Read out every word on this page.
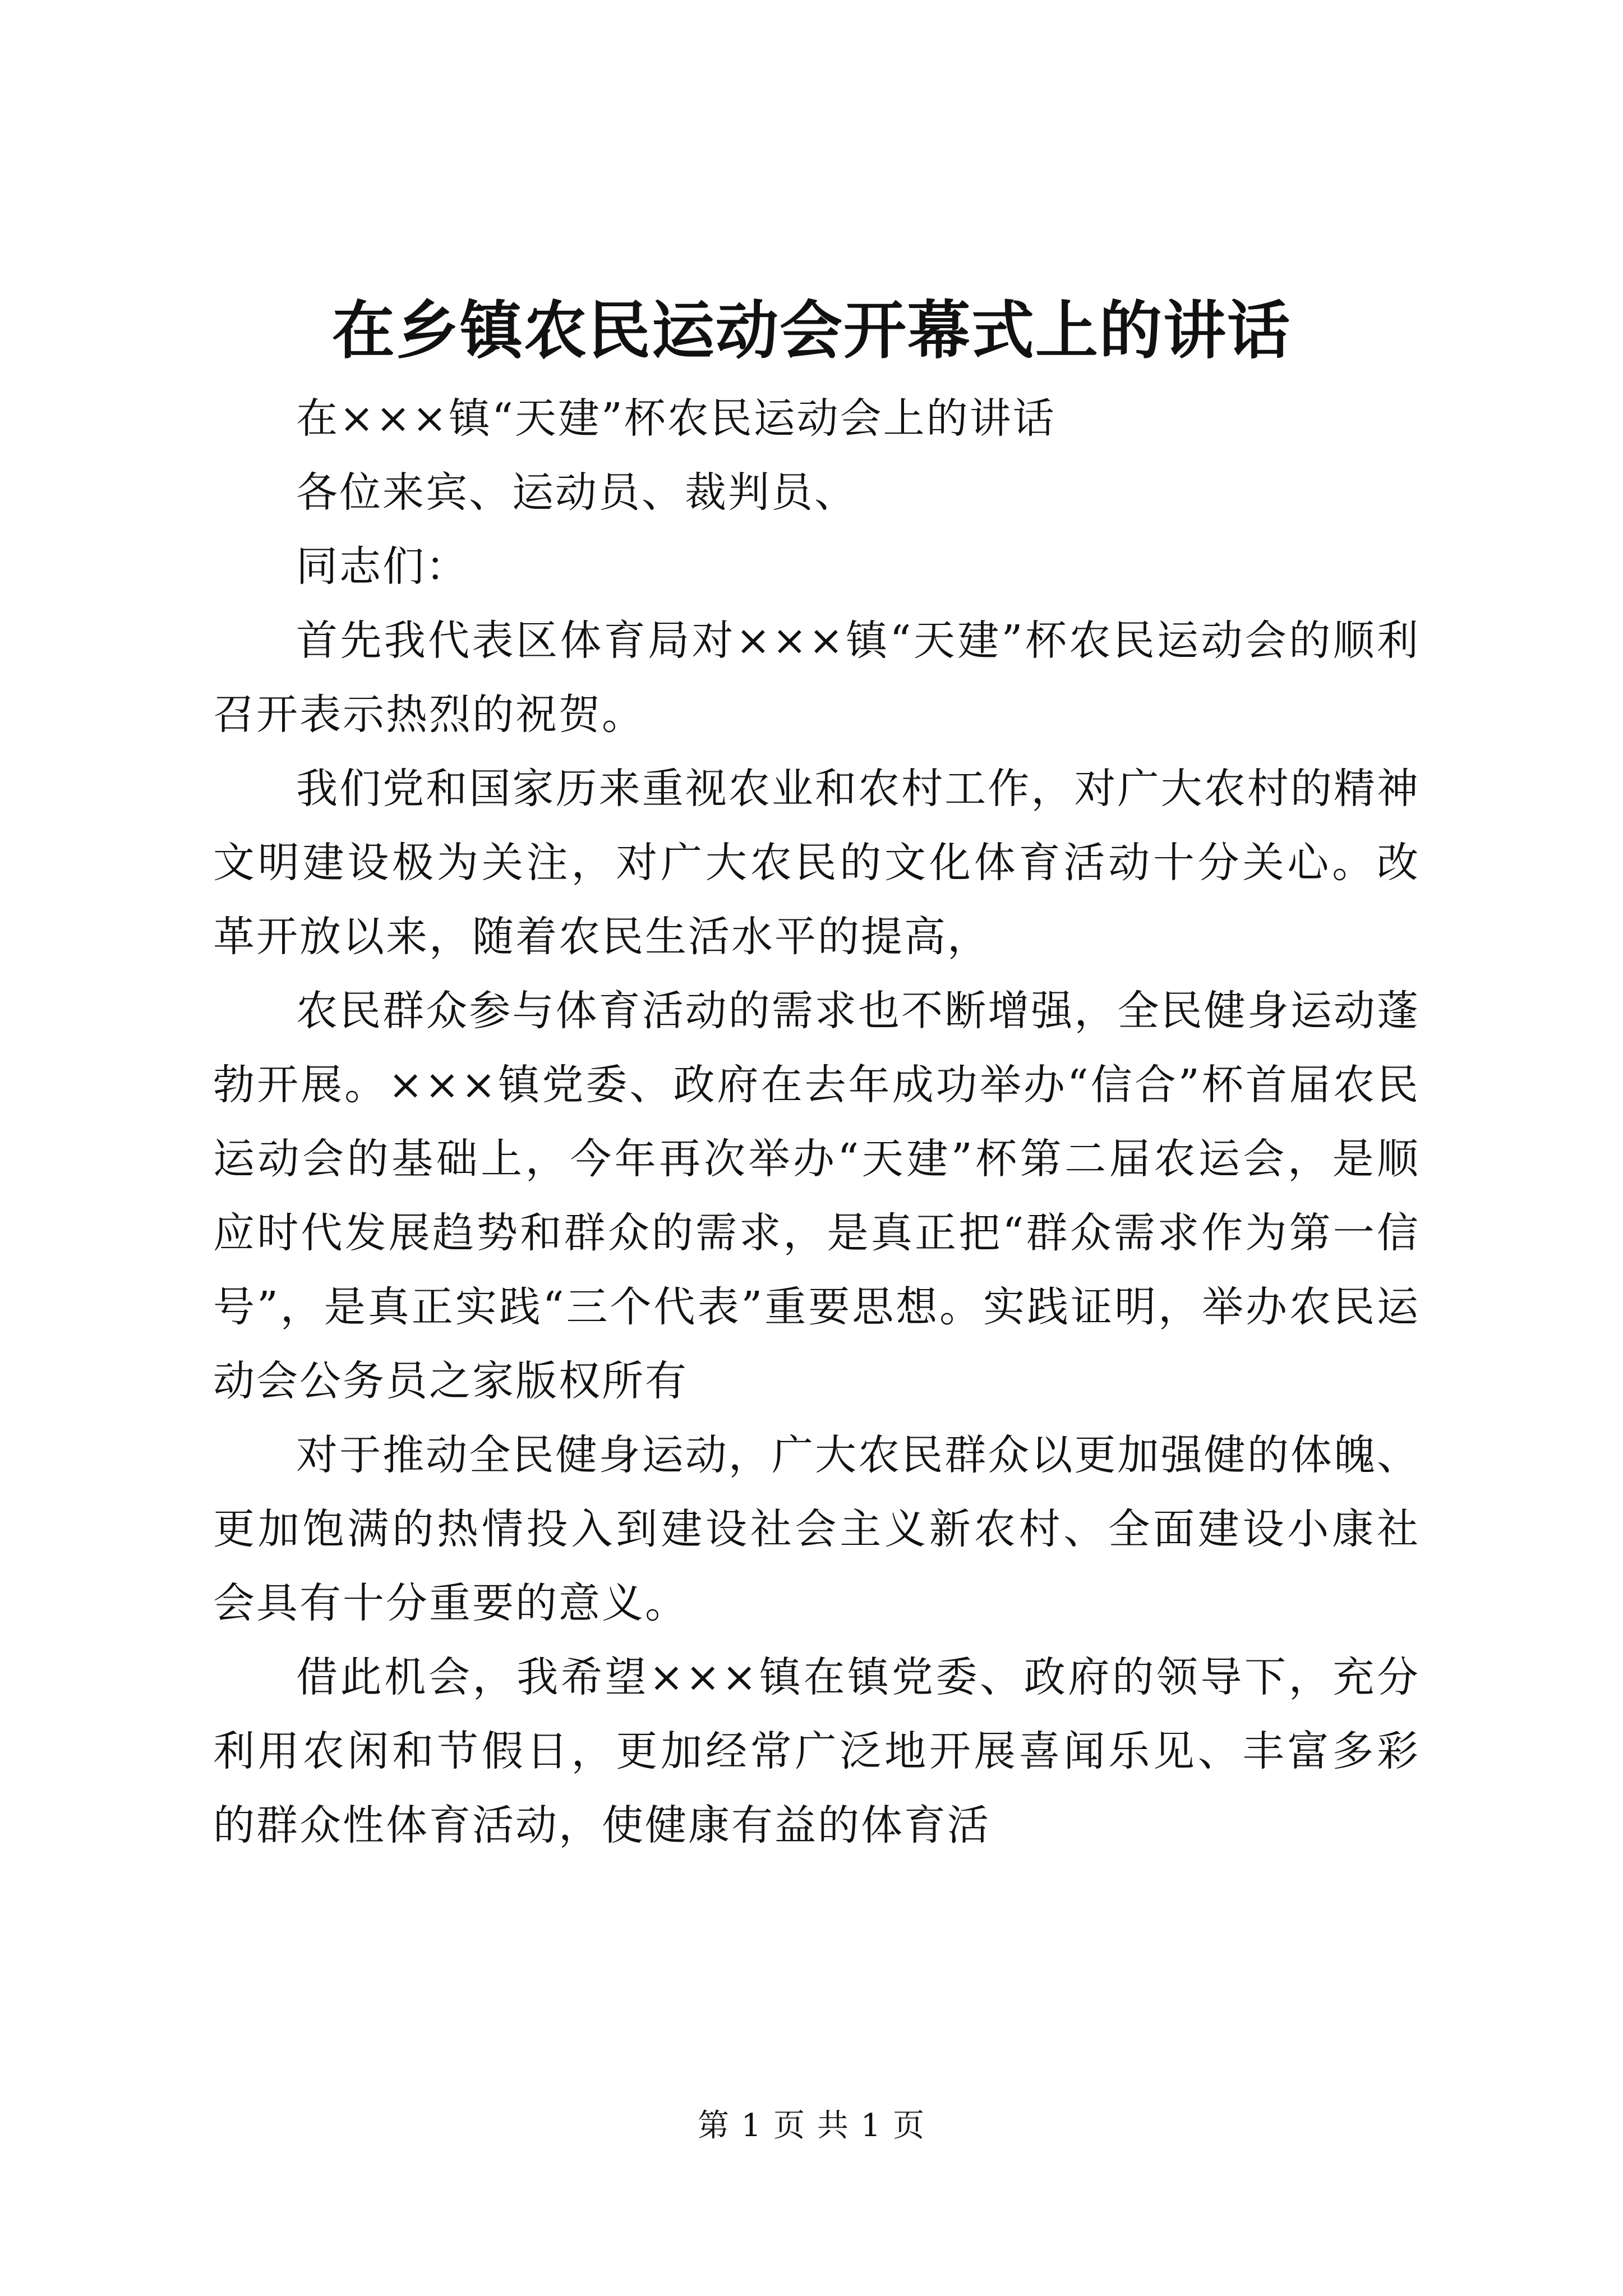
在乡镇农民运动会开幕式上的讲话

在×××镇“天建”杯农民运动会上的讲话

各位来宾、运动员、裁判员、

同志们：

首先我代表区体育局对×××镇“天建”杯农民运动会的顺利召开表示热烈的祝贺。

我们党和国家历来重视农业和农村工作，对广大农村的精神文明建设极为关注，对广大农民的文化体育活动十分关心。改革开放以来，随着农民生活水平的提高，

农民群众参与体育活动的需求也不断增强，全民健身运动蓬勃开展。×××镇党委、政府在去年成功举办“信合”杯首届农民运动会的基础上，今年再次举办“天建”杯第二届农运会，是顺应时代发展趋势和群众的需求，是真正把“群众需求作为第一信号”，是真正实践“三个代表”重要思想。实践证明，举办农民运动会公务员之家版权所有

对于推动全民健身运动，广大农民群众以更加强健的体魄、更加饱满的热情投入到建设社会主义新农村、全面建设小康社会具有十分重要的意义。

借此机会，我希望×××镇在镇党委、政府的领导下，充分利用农闲和节假日，更加经常广泛地开展喜闻乐见、丰富多彩的群众性体育活动，使健康有益的体育活

第 1 页 共 1 页
